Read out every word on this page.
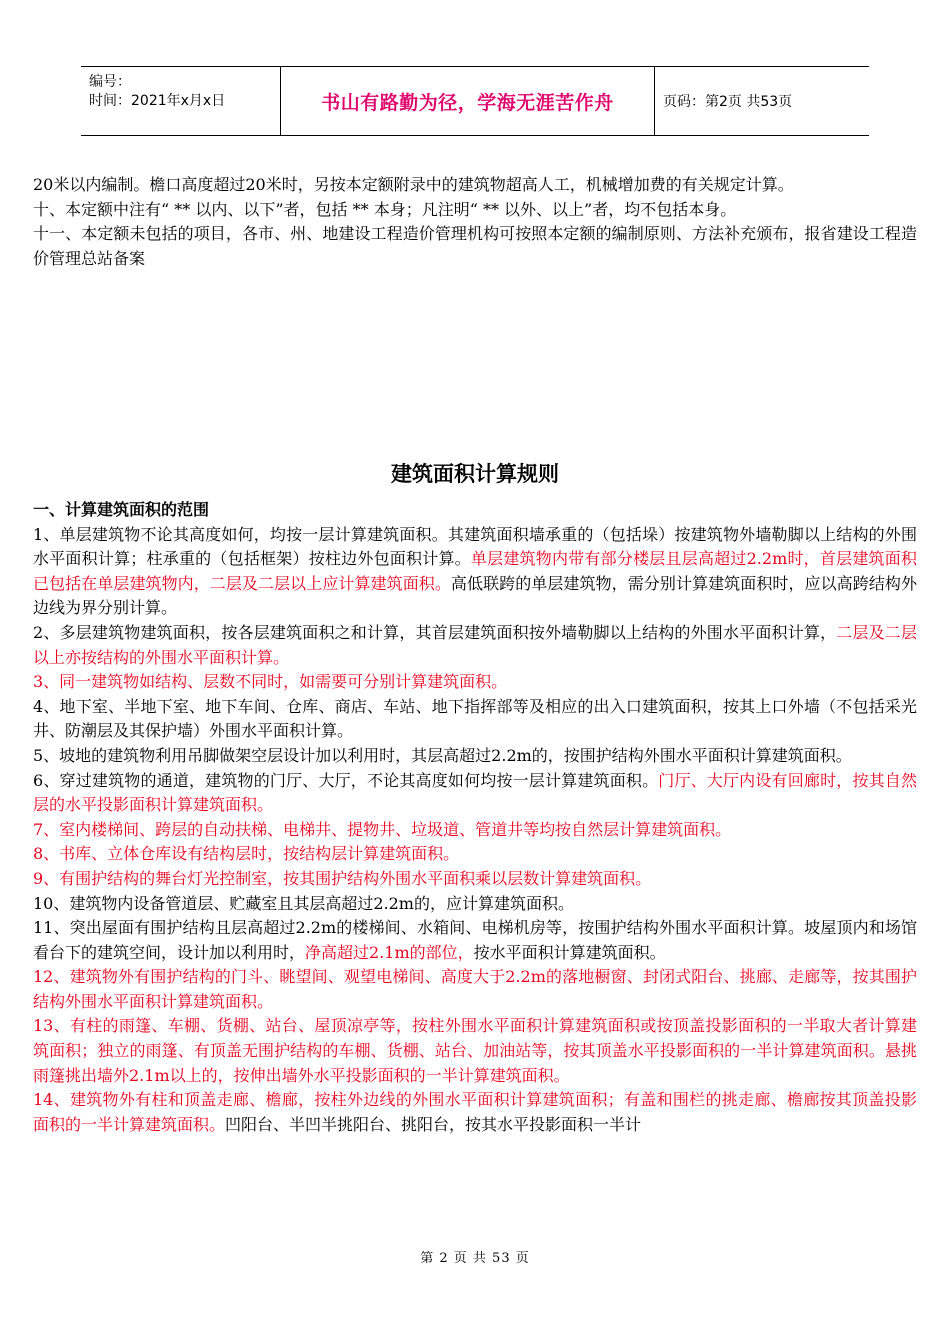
编号：
时间：2021年x月x日	书山有路勤为径，学海无涯苦作舟	页码：第2页 共53页

20米以内编制。檐口高度超过20米时，另按本定额附录中的建筑物超高人工，机械增加费的有关规定计算。

十、本定额中注有“ ** 以内、以下”者，包括 ** 本身；凡注明“ ** 以外、以上”者，均不包括本身。

十一、本定额未包括的项目，各市、州、地建设工程造价管理机构可按照本定额的编制原则、方法补充颁布，报省建设工程造价管理总站备案

建筑面积计算规则

一、计算建筑面积的范围

1、单层建筑物不论其高度如何，均按一层计算建筑面积。其建筑面积墙承重的（包括垛）按建筑物外墙勒脚以上结构的外围水平面积计算；柱承重的（包括框架）按柱边外包面积计算。单层建筑物内带有部分楼层且层高超过2.2m时，首层建筑面积已包括在单层建筑物内，二层及二层以上应计算建筑面积。高低联跨的单层建筑物，需分别计算建筑面积时，应以高跨结构外边线为界分别计算。

2、多层建筑物建筑面积，按各层建筑面积之和计算，其首层建筑面积按外墙勒脚以上结构的外围水平面积计算，二层及二层以上亦按结构的外围水平面积计算。

3、同一建筑物如结构、层数不同时，如需要可分别计算建筑面积。

4、地下室、半地下室、地下车间、仓库、商店、车站、地下指挥部等及相应的出入口建筑面积，按其上口外墙（不包括采光井、防潮层及其保护墙）外围水平面积计算。

5、坡地的建筑物利用吊脚做架空层设计加以利用时，其层高超过2.2m的，按围护结构外围水平面积计算建筑面积。

6、穿过建筑物的通道，建筑物的门厅、大厅，不论其高度如何均按一层计算建筑面积。门厅、大厅内设有回廊时，按其自然层的水平投影面积计算建筑面积。

7、室内楼梯间、跨层的自动扶梯、电梯井、提物井、垃圾道、管道井等均按自然层计算建筑面积。

8、书库、立体仓库设有结构层时，按结构层计算建筑面积。

9、有围护结构的舞台灯光控制室，按其围护结构外围水平面积乘以层数计算建筑面积。

10、建筑物内设备管道层、贮藏室且其层高超过2.2m的，应计算建筑面积。

11、突出屋面有围护结构且层高超过2.2m的楼梯间、水箱间、电梯机房等，按围护结构外围水平面积计算。坡屋顶内和场馆看台下的建筑空间，设计加以利用时，净高超过2.1m的部位，按水平面积计算建筑面积。

12、建筑物外有围护结构的门斗、眺望间、观望电梯间、高度大于2.2m的落地橱窗、封闭式阳台、挑廊、走廊等，按其围护结构外围水平面积计算建筑面积。

13、有柱的雨篷、车棚、货棚、站台、屋顶凉亭等，按柱外围水平面积计算建筑面积或按顶盖投影面积的一半取大者计算建筑面积；独立的雨篷、有顶盖无围护结构的车棚、货棚、站台、加油站等，按其顶盖水平投影面积的一半计算建筑面积。悬挑雨篷挑出墙外2.1m以上的，按伸出墙外水平投影面积的一半计算建筑面积。

14、建筑物外有柱和顶盖走廊、檐廊，按柱外边线的外围水平面积计算建筑面积；有盖和围栏的挑走廊、檐廊按其顶盖投影面积的一半计算建筑面积。凹阳台、半凹半挑阳台、挑阳台，按其水平投影面积一半计

第 2 页 共 53 页
